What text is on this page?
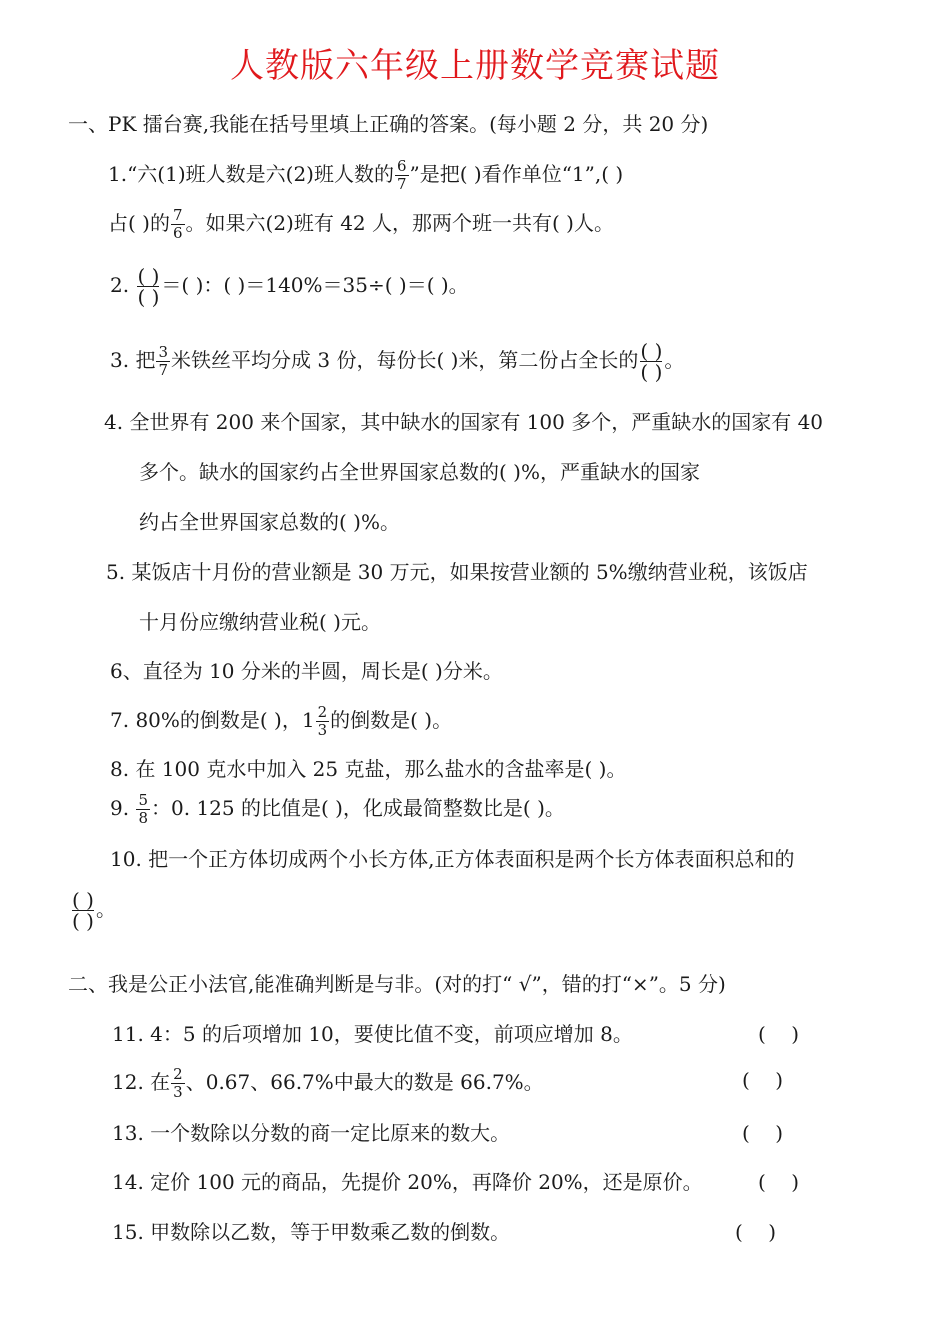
人教版六年级上册数学竞赛试题
一、PK 擂台赛,我能在括号里填上正确的答案。(每小题 2 分，共 20 分)
1.“六(1)班人数是六(2)班人数的 $\frac{6}{7}$ ”是把( )看作单位“1”,( )
占( )的 $\frac{7}{6}$ 。如果六(2)班有 42 人，那两个班一共有( )人。
2. $\frac{( )}{( )}$ ＝( )：( )＝140%＝35÷( )＝( )。
3. 把 $\frac{3}{7}$ 米铁丝平均分成 3 份，每份长( )米，第二份占全长的 $\frac{( )}{( )}$ 。
4. 全世界有 200 来个国家，其中缺水的国家有 100 多个，严重缺水的国家有 40
多个。缺水的国家约占全世界国家总数的( )%，严重缺水的国家
约占全世界国家总数的( )%。
5. 某饭店十月份的营业额是 30 万元，如果按营业额的 5%缴纳营业税，该饭店
十月份应缴纳营业税( )元。
6、直径为 10 分米的半圆，周长是( )分米。
7. 80%的倒数是( )，$1 \frac{2}{3}$ 的倒数是( )。
8. 在 100 克水中加入 25 克盐，那么盐水的含盐率是( )。
9. $\frac{5}{8}$ ：0. 125 的比值是( )，化成最简整数比是( )。
10. 把一个正方体切成两个小长方体,正方体表面积是两个长方体表面积总和的
$\frac{( )}{( )}$ 。
二、我是公正小法官,能准确判断是与非。(对的打“ √”，错的打“×”。5 分)
11. 4：5 的后项增加 10，要使比值不变，前项应增加 8。	(    )
12. 在 $\frac{2}{3}$ 、0.67、66.7%中最大的数是 66.7%。	(    )
13. 一个数除以分数的商一定比原来的数大。	(    )
14. 定价 100 元的商品，先提价 20%，再降价 20%，还是原价。	(    )
15. 甲数除以乙数，等于甲数乘乙数的倒数。	(    )
